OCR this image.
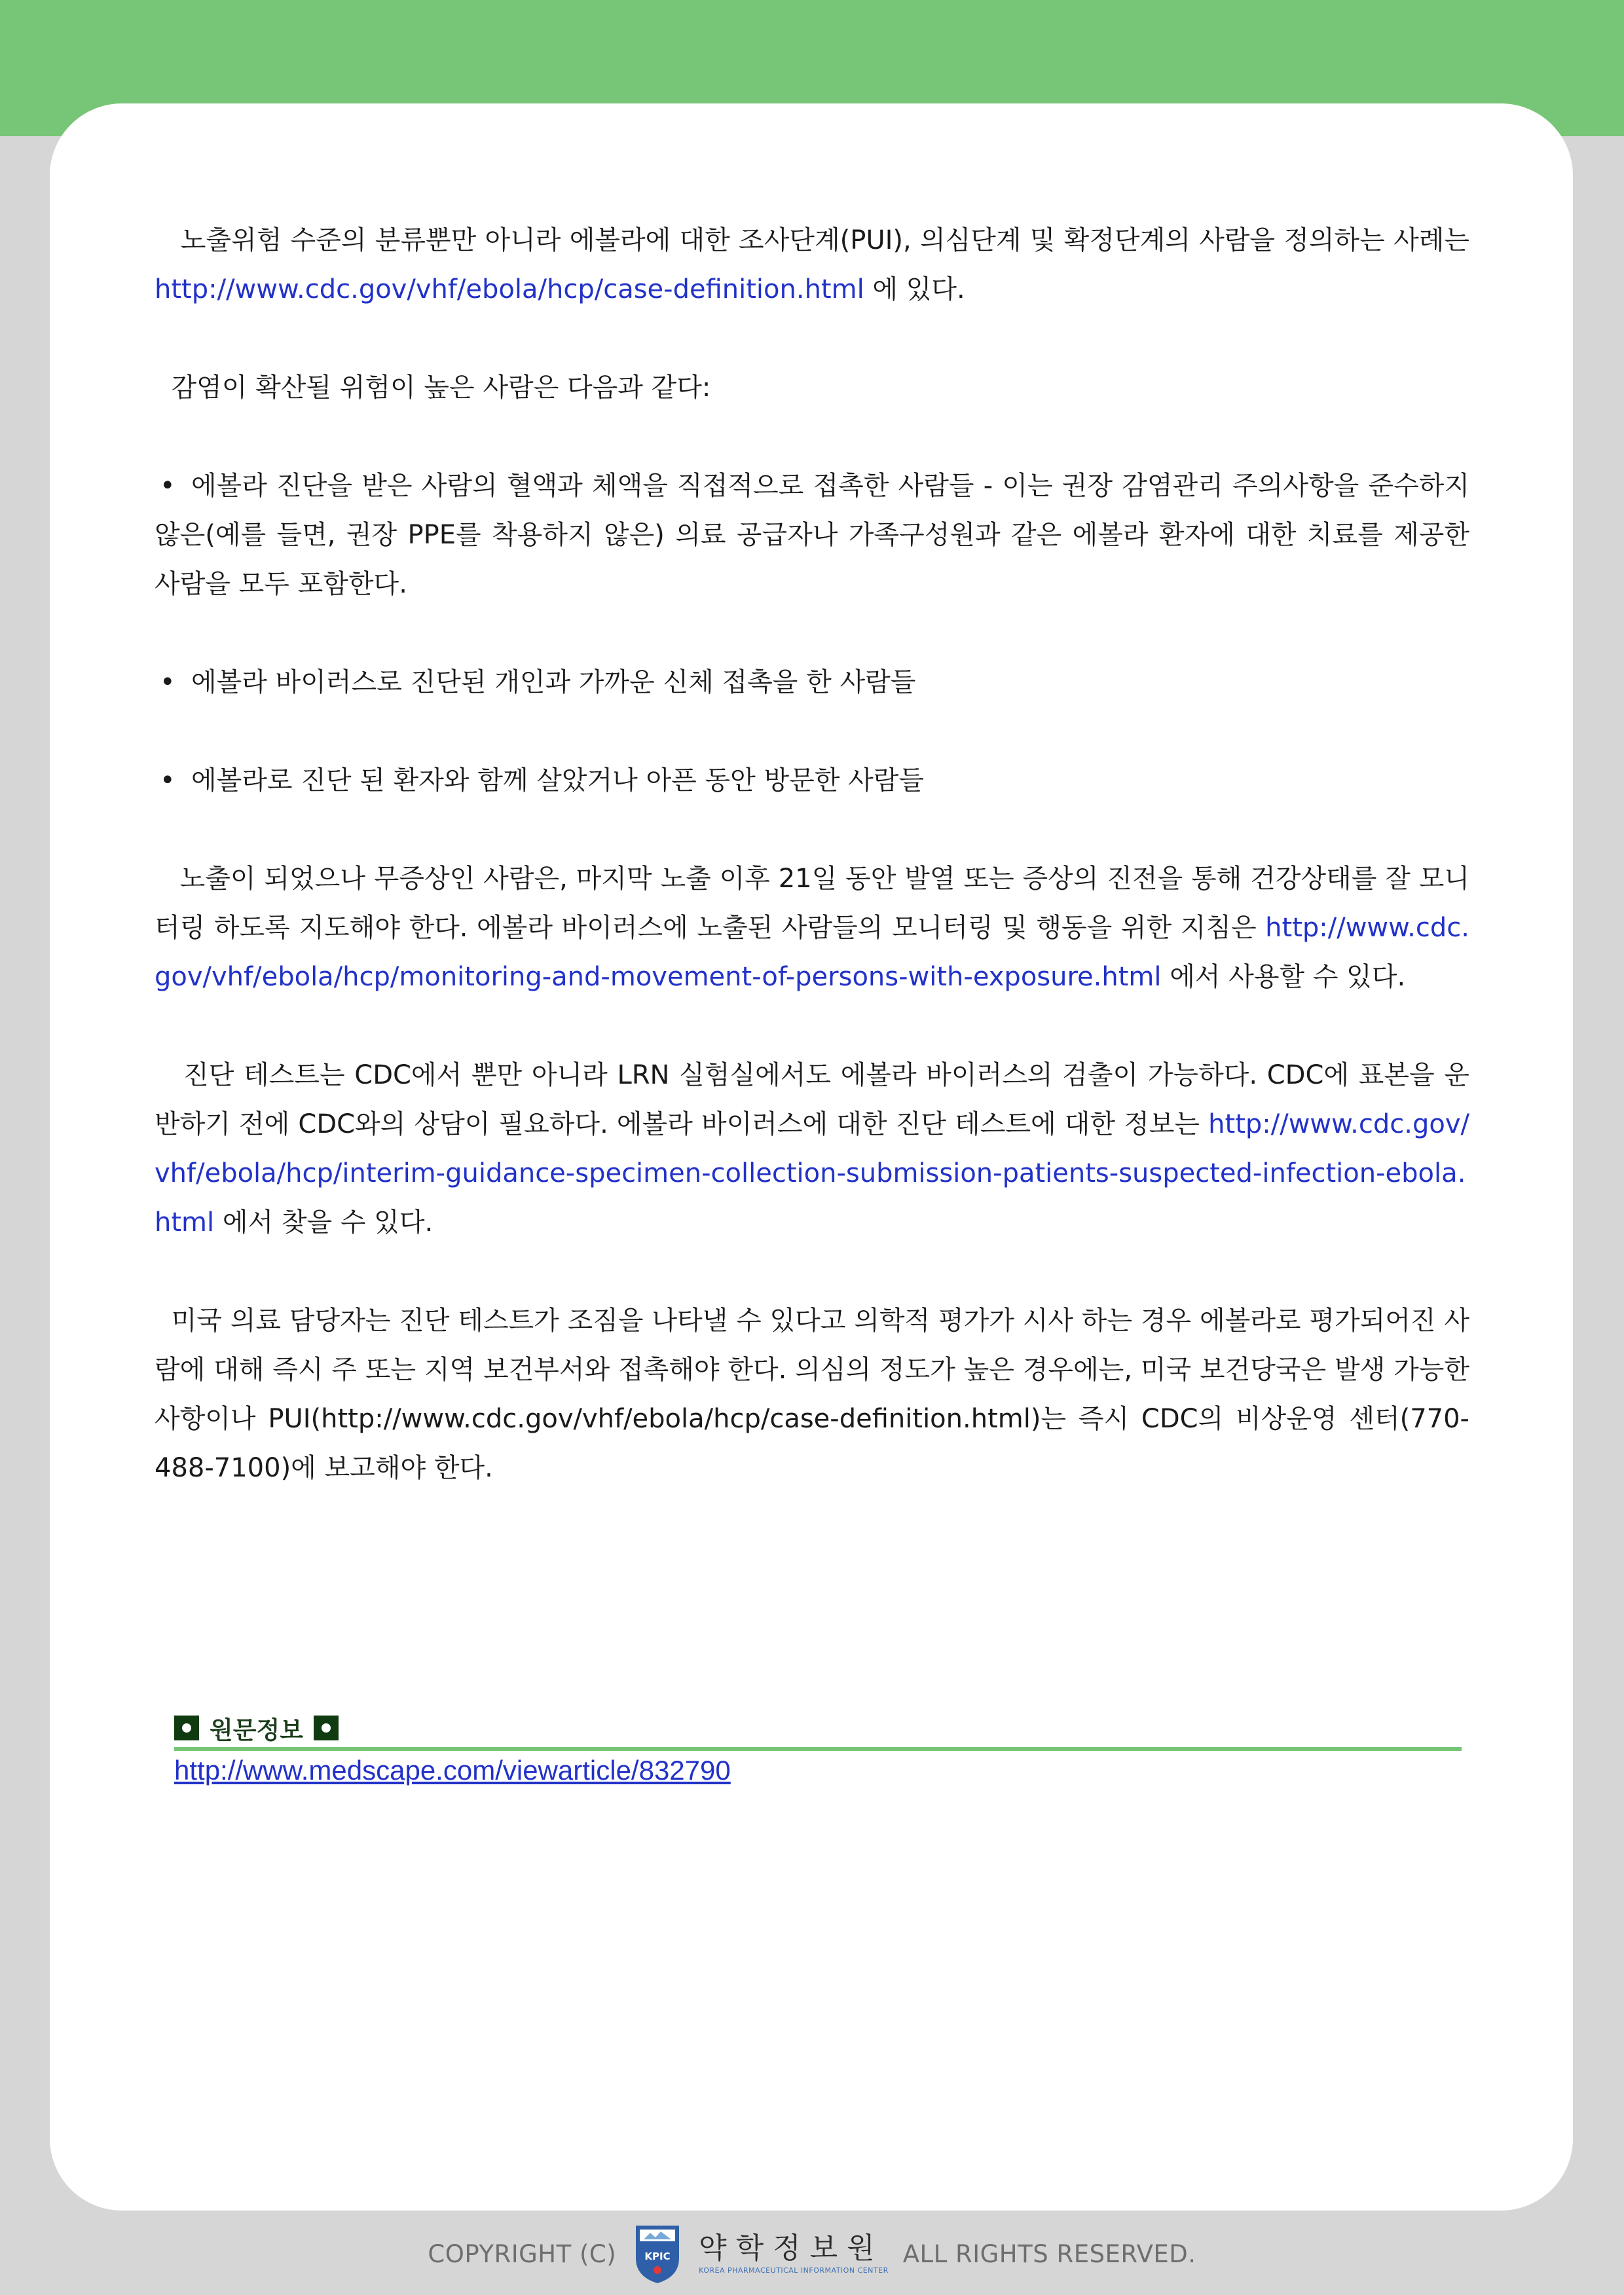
노출위험 수준의 분류뿐만 아니라 에볼라에 대한 조사단계(PUI), 의심단계 및 확정단계의 사람을 정의하는 사례는 http://www.cdc.gov/vhf/ebola/hcp/case-definition.html 에 있다.

감염이 확산될 위험이 높은 사람은 다음과 같다:

• 에볼라 진단을 받은 사람의 혈액과 체액을 직접적으로 접촉한 사람들 - 이는 권장 감염관리 주의사항을 준수하지 않은(예를 들면, 권장 PPE를 착용하지 않은) 의료 공급자나 가족구성원과 같은 에볼라 환자에 대한 치료를 제공한 사람을 모두 포함한다.

• 에볼라 바이러스로 진단된 개인과 가까운 신체 접촉을 한 사람들

• 에볼라로 진단 된 환자와 함께 살았거나 아픈 동안 방문한 사람들

노출이 되었으나 무증상인 사람은, 마지막 노출 이후 21일 동안 발열 또는 증상의 진전을 통해 건강상태를 잘 모니터링 하도록 지도해야 한다. 에볼라 바이러스에 노출된 사람들의 모니터링 및 행동을 위한 지침은 http://www.cdc.gov/vhf/ebola/hcp/monitoring-and-movement-of-persons-with-exposure.html 에서 사용할 수 있다.

진단 테스트는 CDC에서 뿐만 아니라 LRN 실험실에서도 에볼라 바이러스의 검출이 가능하다. CDC에 표본을 운반하기 전에 CDC와의 상담이 필요하다. 에볼라 바이러스에 대한 진단 테스트에 대한 정보는 http://www.cdc.gov/vhf/ebola/hcp/interim-guidance-specimen-collection-submission-patients-suspected-infection-ebola.html 에서 찾을 수 있다.

미국 의료 담당자는 진단 테스트가 조짐을 나타낼 수 있다고 의학적 평가가 시사 하는 경우 에볼라로 평가되어진 사람에 대해 즉시 주 또는 지역 보건부서와 접촉해야 한다. 의심의 정도가 높은 경우에는, 미국 보건당국은 발생 가능한 사항이나 PUI(http://www.cdc.gov/vhf/ebola/hcp/case-definition.html)는 즉시 CDC의 비상운영 센터(770-488-7100)에 보고해야 한다.

원문정보
http://www.medscape.com/viewarticle/832790
COPYRIGHT (C)	KPIC 약학정보원
KOREA PHARMACEUTICAL INFORMATION CENTER
ALL RIGHTS RESERVED.
